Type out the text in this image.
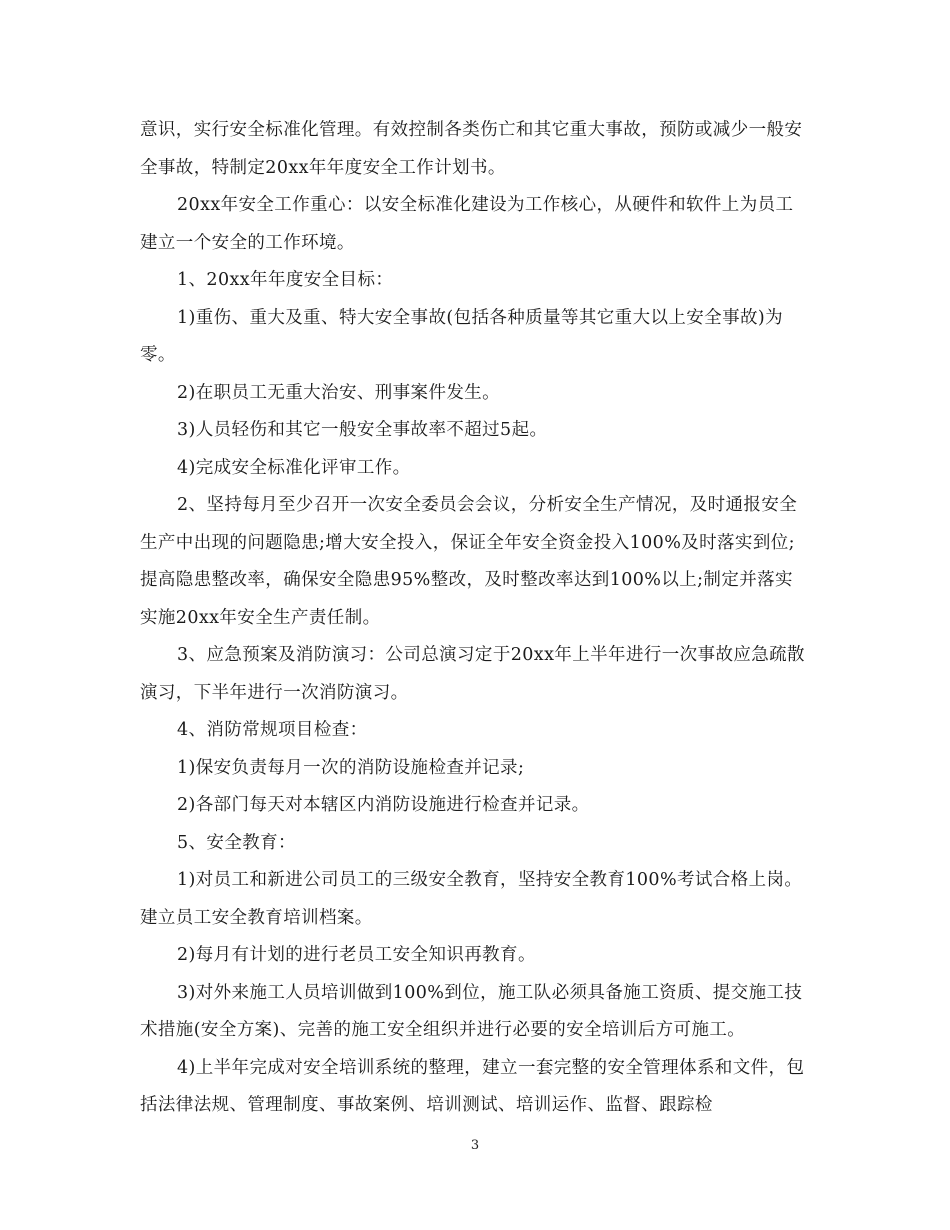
意识，实行安全标准化管理。有效控制各类伤亡和其它重大事故，预防或减少一般安全事故，特制定20xx年年度安全工作计划书。

20xx年安全工作重心：以安全标准化建设为工作核心，从硬件和软件上为员工建立一个安全的工作环境。

1、20xx年年度安全目标：

1)重伤、重大及重、特大安全事故(包括各种质量等其它重大以上安全事故)为零。

2)在职员工无重大治安、刑事案件发生。

3)人员轻伤和其它一般安全事故率不超过5起。

4)完成安全标准化评审工作。

2、坚持每月至少召开一次安全委员会会议，分析安全生产情况，及时通报安全生产中出现的问题隐患;增大安全投入，保证全年安全资金投入100%及时落实到位;提高隐患整改率，确保安全隐患95%整改，及时整改率达到100%以上;制定并落实实施20xx年安全生产责任制。

3、应急预案及消防演习：公司总演习定于20xx年上半年进行一次事故应急疏散演习，下半年进行一次消防演习。

4、消防常规项目检查：

1)保安负责每月一次的消防设施检查并记录;

2)各部门每天对本辖区内消防设施进行检查并记录。

5、安全教育：

1)对员工和新进公司员工的三级安全教育，坚持安全教育100%考试合格上岗。建立员工安全教育培训档案。

2)每月有计划的进行老员工安全知识再教育。

3)对外来施工人员培训做到100%到位，施工队必须具备施工资质、提交施工技术措施(安全方案)、完善的施工安全组织并进行必要的安全培训后方可施工。

4)上半年完成对安全培训系统的整理，建立一套完整的安全管理体系和文件，包括法律法规、管理制度、事故案例、培训测试、培训运作、监督、跟踪检

3
